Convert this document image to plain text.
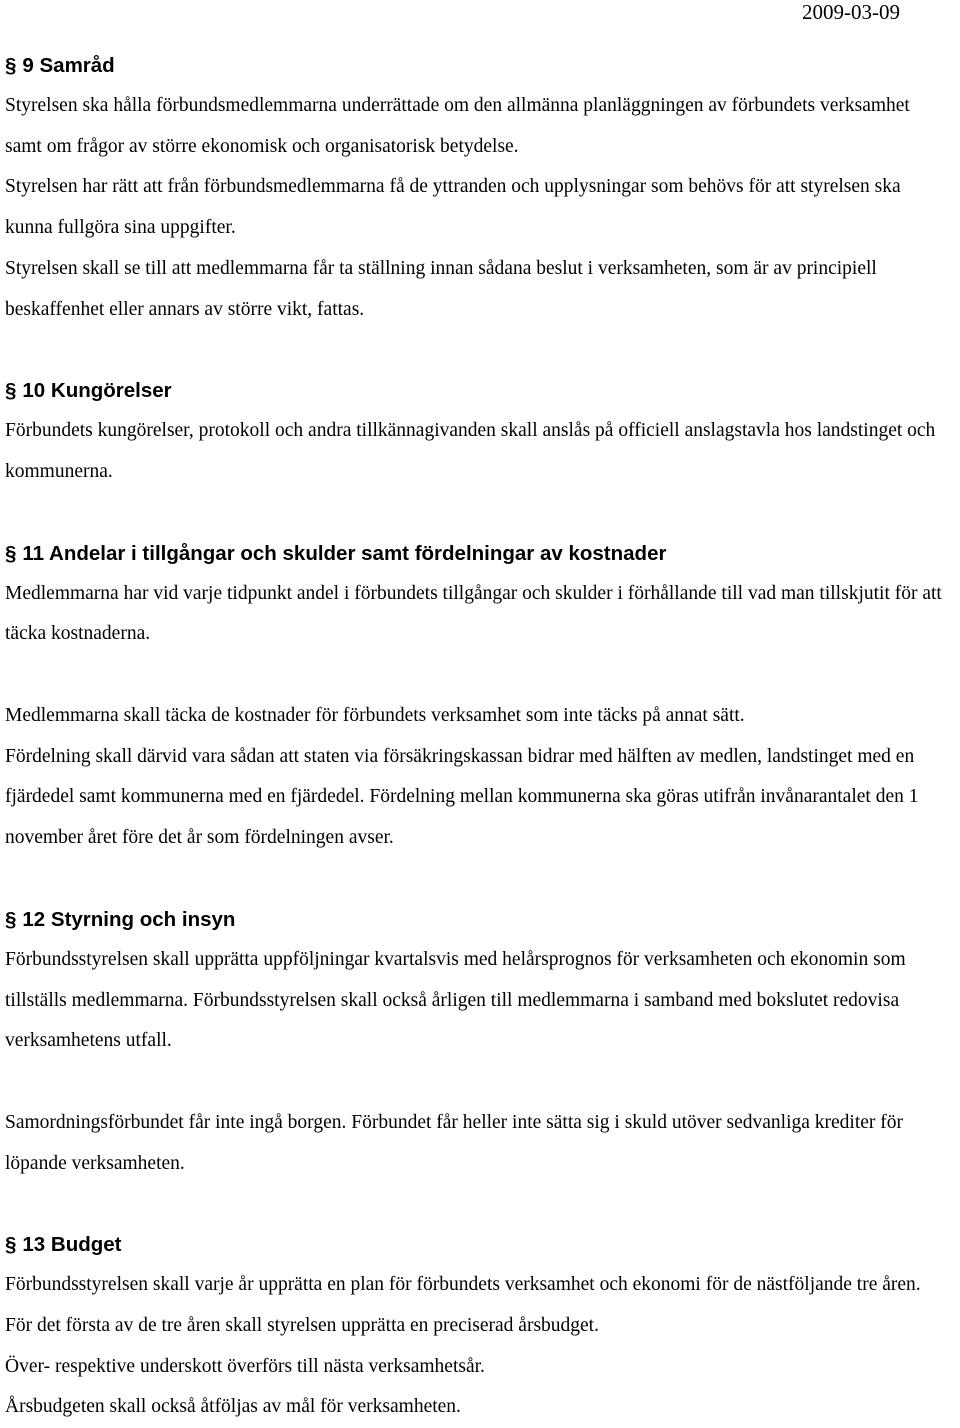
2009-03-09
§ 9 Samråd

Styrelsen ska hålla förbundsmedlemmarna underrättade om den allmänna planläggningen av förbundets verksamhet samt om frågor av större ekonomisk och organisatorisk betydelse.

Styrelsen har rätt att från förbundsmedlemmarna få de yttranden och upplysningar som behövs för att styrelsen ska kunna fullgöra sina uppgifter.

Styrelsen skall se till att medlemmarna får ta ställning innan sådana beslut i verksamheten, som är av principiell beskaffenhet eller annars av större vikt, fattas.

§ 10 Kungörelser

Förbundets kungörelser, protokoll och andra tillkännagivanden skall anslås på officiell anslagstavla hos landstinget och kommunerna.

§ 11 Andelar i tillgångar och skulder samt fördelningar av kostnader

Medlemmarna har vid varje tidpunkt andel i förbundets tillgångar och skulder i förhållande till vad man tillskjutit för att täcka kostnaderna.

Medlemmarna skall täcka de kostnader för förbundets verksamhet som inte täcks på annat sätt.

Fördelning skall därvid vara sådan att staten via försäkringskassan bidrar med hälften av medlen, landstinget med en fjärdedel samt kommunerna med en fjärdedel. Fördelning mellan kommunerna ska göras utifrån invånarantalet den 1 november året före det år som fördelningen avser.

§ 12 Styrning och insyn

Förbundsstyrelsen skall upprätta uppföljningar kvartalsvis med helårsprognos för verksamheten och ekonomin som tillställs medlemmarna. Förbundsstyrelsen skall också årligen till medlemmarna i samband med bokslutet redovisa verksamhetens utfall.

Samordningsförbundet får inte ingå borgen. Förbundet får heller inte sätta sig i skuld utöver sedvanliga krediter för löpande verksamheten.

§ 13 Budget

Förbundsstyrelsen skall varje år upprätta en plan för förbundets verksamhet och ekonomi för de nästföljande tre åren. För det första av de tre åren skall styrelsen upprätta en preciserad årsbudget.

Över- respektive underskott överförs till nästa verksamhetsår.

Årsbudgeten skall också åtföljas av mål för verksamheten.
